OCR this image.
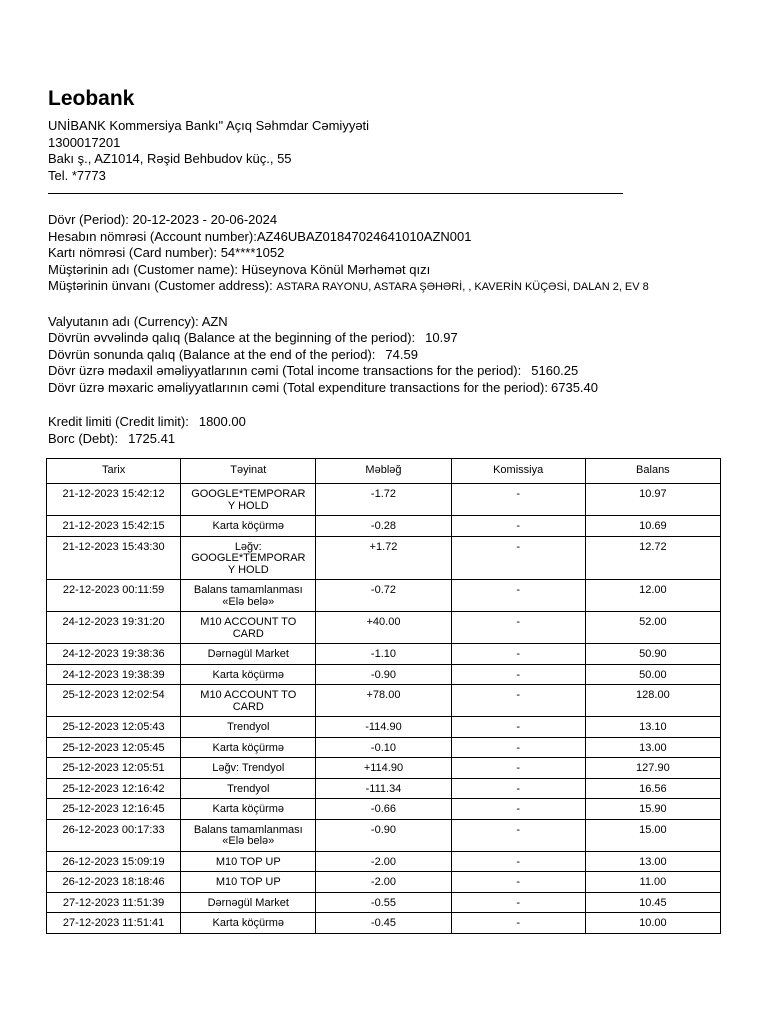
Leobank
UNİBANK Kommersiya Bankı" Açıq Səhmdar Cəmiyyəti
1300017201
Bakı ş., AZ1014, Rəşid Behbudov küç., 55
Tel. *7773
Dövr (Period): 20-12-2023 - 20-06-2024
Hesabın nömrəsi (Account number):AZ46UBAZ01847024641010AZN001
Kartı nömrəsi (Card number): 54****1052
Müştərinin adı (Customer name): Hüseynova Könül Mərhəmət qızı
Müştərinin ünvanı (Customer address): ASTARA RAYONU, ASTARA ŞƏHƏRİ, , KAVERİN KÜÇƏSİ, DALAN 2, EV 8
Valyutanın adı (Currency): AZN
Dövrün əvvəlində qalıq (Balance at the beginning of the period): 10.97
Dövrün sonunda qalıq (Balance at the end of the period): 74.59
Dövr üzrə mədaxil əməliyyatlarının cəmi (Total income transactions for the period): 5160.25
Dövr üzrə məxaric əməliyyatlarının cəmi (Total expenditure transactions for the period): 6735.40
Kredit limiti (Credit limit): 1800.00
Borc (Debt): 1725.41
Tarix	Təyinat	Məbləğ	Komissiya	Balans
21-12-2023 15:42:12	GOOGLE*TEMPORAR Y HOLD	-1.72	-	10.97
21-12-2023 15:42:15	Karta köçürmə	-0.28	-	10.69
21-12-2023 15:43:30	Ləğv: GOOGLE*TEMPORAR Y HOLD	+1.72	-	12.72
22-12-2023 00:11:59	Balans tamamlanması «Elə belə»	-0.72	-	12.00
24-12-2023 19:31:20	M10 ACCOUNT TO CARD	+40.00	-	52.00
24-12-2023 19:38:36	Dərnəgül Market	-1.10	-	50.90
24-12-2023 19:38:39	Karta köçürmə	-0.90	-	50.00
25-12-2023 12:02:54	M10 ACCOUNT TO CARD	+78.00	-	128.00
25-12-2023 12:05:43	Trendyol	-114.90	-	13.10
25-12-2023 12:05:45	Karta köçürmə	-0.10	-	13.00
25-12-2023 12:05:51	Ləğv: Trendyol	+114.90	-	127.90
25-12-2023 12:16:42	Trendyol	-111.34	-	16.56
25-12-2023 12:16:45	Karta köçürmə	-0.66	-	15.90
26-12-2023 00:17:33	Balans tamamlanması «Elə belə»	-0.90	-	15.00
26-12-2023 15:09:19	M10 TOP UP	-2.00	-	13.00
26-12-2023 18:18:46	M10 TOP UP	-2.00	-	11.00
27-12-2023 11:51:39	Dərnəgül Market	-0.55	-	10.45
27-12-2023 11:51:41	Karta köçürmə	-0.45	-	10.00
